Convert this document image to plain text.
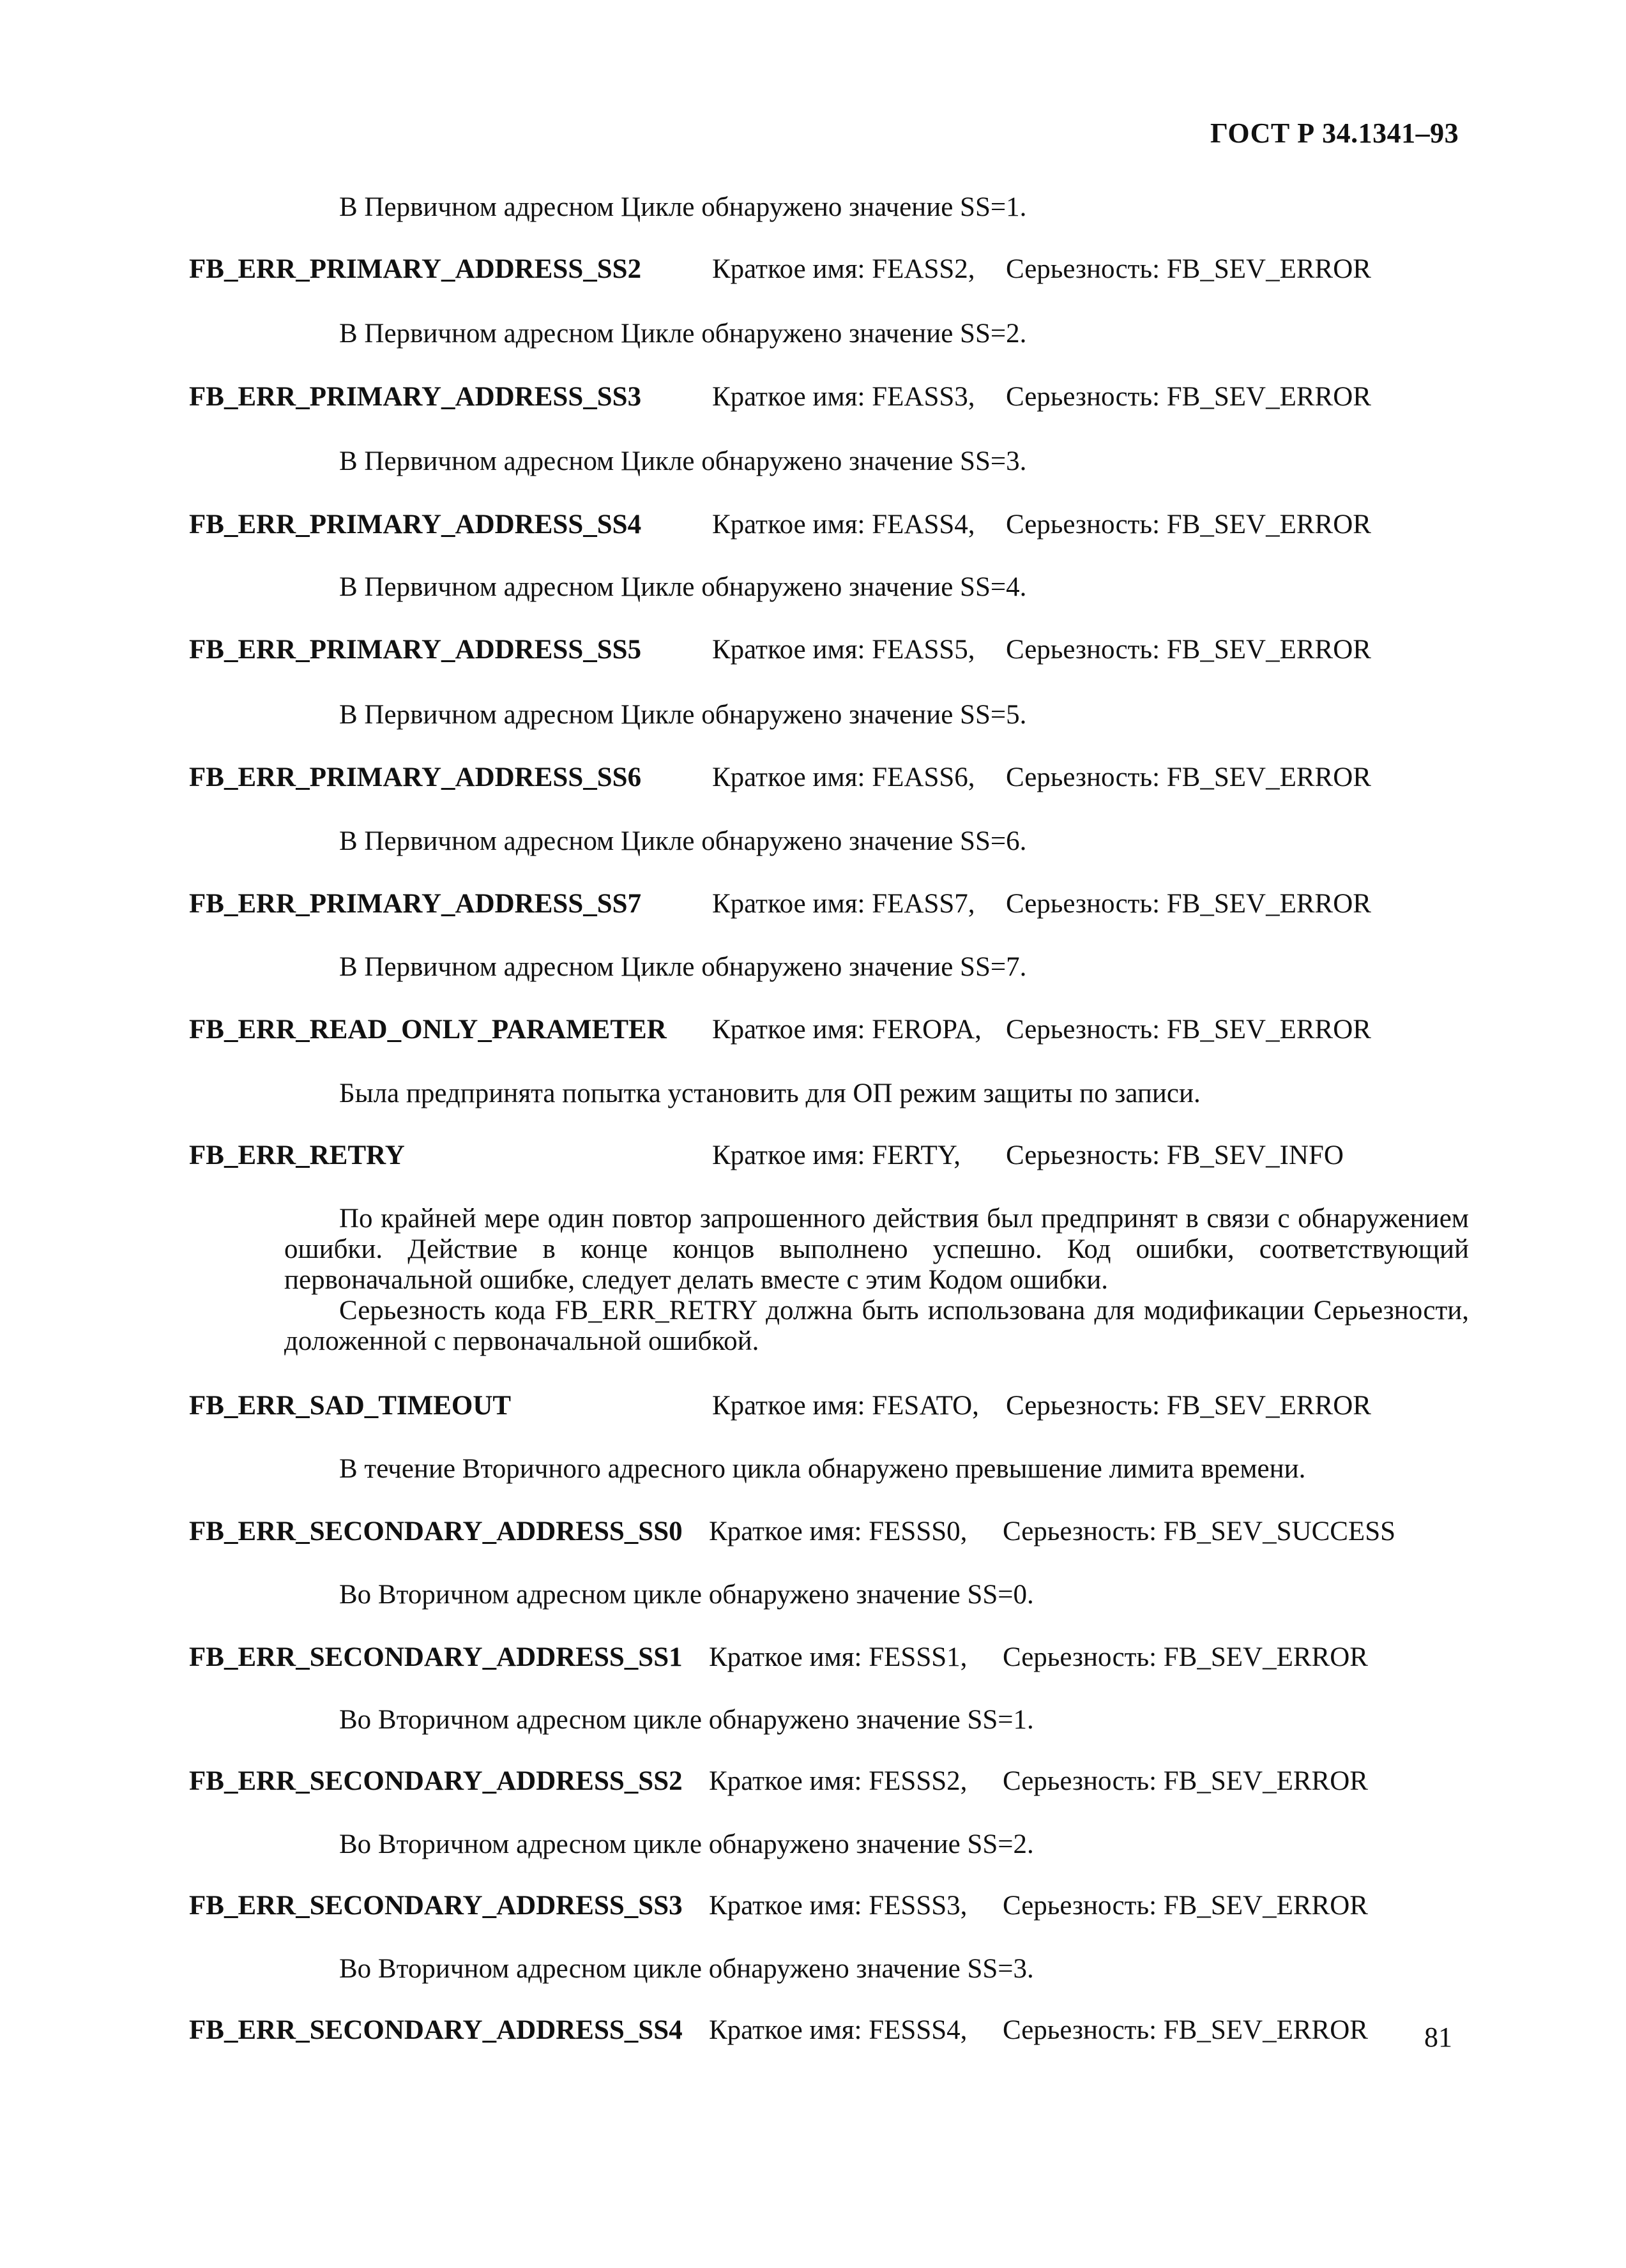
ГОСТ Р 34.1341–93
В Первичном адресном Цикле обнаружено значение SS=1.
FB_ERR_PRIMARY_ADDRESS_SS2	Краткое имя: FEASS2, Серьезность: FB_SEV_ERROR
В Первичном адресном Цикле обнаружено значение SS=2.
FB_ERR_PRIMARY_ADDRESS_SS3	Краткое имя: FEASS3, Серьезность: FB_SEV_ERROR
В Первичном адресном Цикле обнаружено значение SS=3.
FB_ERR_PRIMARY_ADDRESS_SS4	Краткое имя: FEASS4, Серьезность: FB_SEV_ERROR
В Первичном адресном Цикле обнаружено значение SS=4.
FB_ERR_PRIMARY_ADDRESS_SS5	Краткое имя: FEASS5, Серьезность: FB_SEV_ERROR
В Первичном адресном Цикле обнаружено значение SS=5.
FB_ERR_PRIMARY_ADDRESS_SS6	Краткое имя: FEASS6, Серьезность: FB_SEV_ERROR
В Первичном адресном Цикле обнаружено значение SS=6.
FB_ERR_PRIMARY_ADDRESS_SS7	Краткое имя: FEASS7, Серьезность: FB_SEV_ERROR
В Первичном адресном Цикле обнаружено значение SS=7.
FB_ERR_READ_ONLY_PARAMETER Краткое имя: FEROPA, Серьезность: FB_SEV_ERROR
Была предпринята попытка установить для ОП режим защиты по записи.
FB_ERR_RETRY	Краткое имя: FERTY, Серьезность: FB_SEV_INFO

По крайней мере один повтор запрошенного действия был предпринят в связи с обнаружением ошибки. Действие в конце концов выполнено успешно. Код ошибки, соответствующий первоначальной ошибке, следует делать вместе с этим Кодом ошибки.

Серьезность кода FB_ERR_RETRY должна быть использована для модификации Серьезности, доложенной с первоначальной ошибкой.

FB_ERR_SAD_TIMEOUT	Краткое имя: FESATO, Серьезность: FB_SEV_ERROR
В течение Вторичного адресного цикла обнаружено превышение лимита времени.
FB_ERR_SECONDARY_ADDRESS_SS0 Краткое имя: FESSS0, Серьезность: FB_SEV_SUCCESS
Во Вторичном адресном цикле обнаружено значение SS=0.
FB_ERR_SECONDARY_ADDRESS_SS1 Краткое имя: FESSS1, Серьезность: FB_SEV_ERROR
Во Вторичном адресном цикле обнаружено значение SS=1.
FB_ERR_SECONDARY_ADDRESS_SS2 Краткое имя: FESSS2, Серьезность: FB_SEV_ERROR
Во Вторичном адресном цикле обнаружено значение SS=2.
FB_ERR_SECONDARY_ADDRESS_SS3 Краткое имя: FESSS3, Серьезность: FB_SEV_ERROR
Во Вторичном адресном цикле обнаружено значение SS=3.
FB_ERR_SECONDARY_ADDRESS_SS4 Краткое имя: FESSS4, Серьезность: FB_SEV_ERROR 81
